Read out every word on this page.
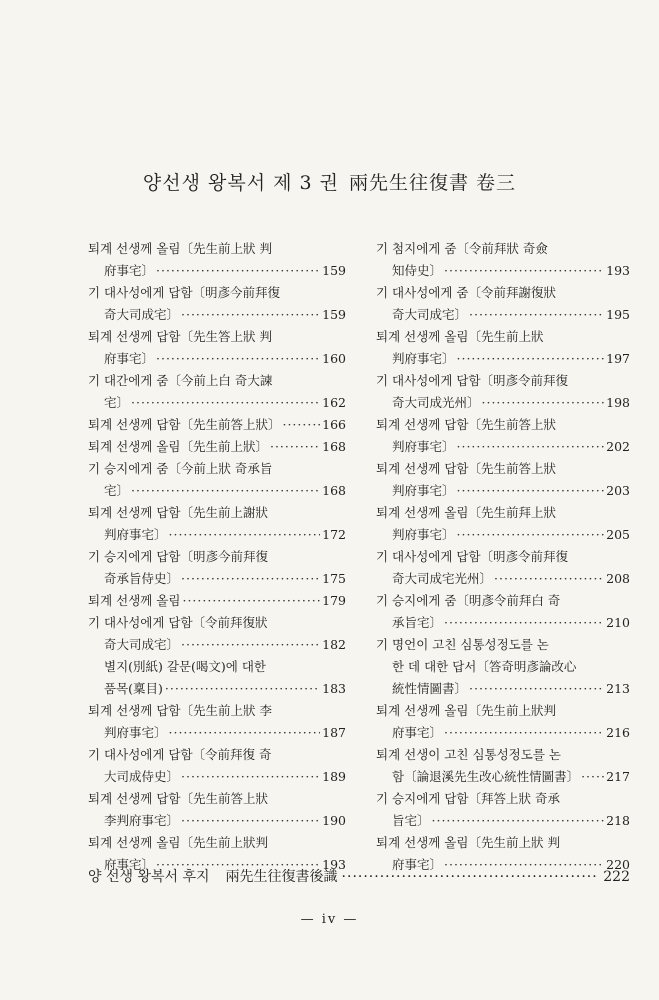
양선생 왕복서 제 3 권 兩先生往復書 卷三
퇴계 선생께 올림〔先生前上狀 判
府事宅〕 ·····	159
기 대사성에게 답함〔明彥今前拜復
奇大司成宅〕 ·····	159
퇴계 선생께 답함〔先生答上狀 判
府事宅〕 ·····	160
기 대간에게 줌〔今前上白 奇大諫
宅〕 ·····	162
퇴계 선생께 답함〔先生前答上狀〕 ·····	166
퇴계 선생께 올림〔先生前上狀〕 ·····	168
기 승지에게 줌〔今前上狀 奇承旨
宅〕 ·····	168
퇴계 선생께 답함〔先生前上謝狀
判府事宅〕 ·····	172
기 승지에게 답함〔明彥今前拜復
奇承旨侍史〕 ·····	175
퇴계 선생께 올림 ·····	179
기 대사성에게 답함〔令前拜復狀
奇大司成宅〕 ·····	182
별지(別紙) 갈문(喝文)에 대한
품목(稟目) ·····	183
퇴계 선생께 답함〔先生前上狀 李
判府事宅〕 ·····	187
기 대사성에게 답함〔令前拜復 奇
大司成侍史〕 ·····	189
퇴계 선생께 답함〔先生前答上狀
李判府事宅〕 ·····	190
퇴계 선생께 올림〔先生前上狀判
府事宅〕 ·····	193
기 첨지에게 줌〔令前拜狀 奇僉
知侍史〕 ·····	193
기 대사성에게 줌〔令前拜謝復狀
奇大司成宅〕 ·····	195
퇴계 선생께 올림〔先生前上狀
判府事宅〕 ·····	197
기 대사성에게 답함〔明彥令前拜復
奇大司成光州〕 ·····	198
퇴계 선생께 답함〔先生前答上狀
判府事宅〕 ·····	202
퇴계 선생께 답함〔先生前答上狀
判府事宅〕 ·····	203
퇴계 선생께 올림〔先生前拜上狀
判府事宅〕 ·····	205
기 대사성에게 답함〔明彥令前拜復
奇大司成宅光州〕 ·····	208
기 승지에게 줌〔明彥令前拜白 奇
承旨宅〕 ·····	210
기 명언이 고친 심통성정도를 논
한 데 대한 답서〔答奇明彥論改心
統性情圖書〕 ·····	213
퇴계 선생께 올림〔先生前上狀判
府事宅〕 ·····	216
퇴계 선생이 고친 심통성정도를 논
함〔論退溪先生改心統性情圖書〕 ····· 217
기 승지에게 답함〔拜答上狀 奇承
旨宅〕 ·····	218
퇴계 선생께 올림〔先生前上狀 判
府事宅〕 ·····	220
양 선생 왕복서 후지 兩先生往復書後識 ·····	222
— iv —
